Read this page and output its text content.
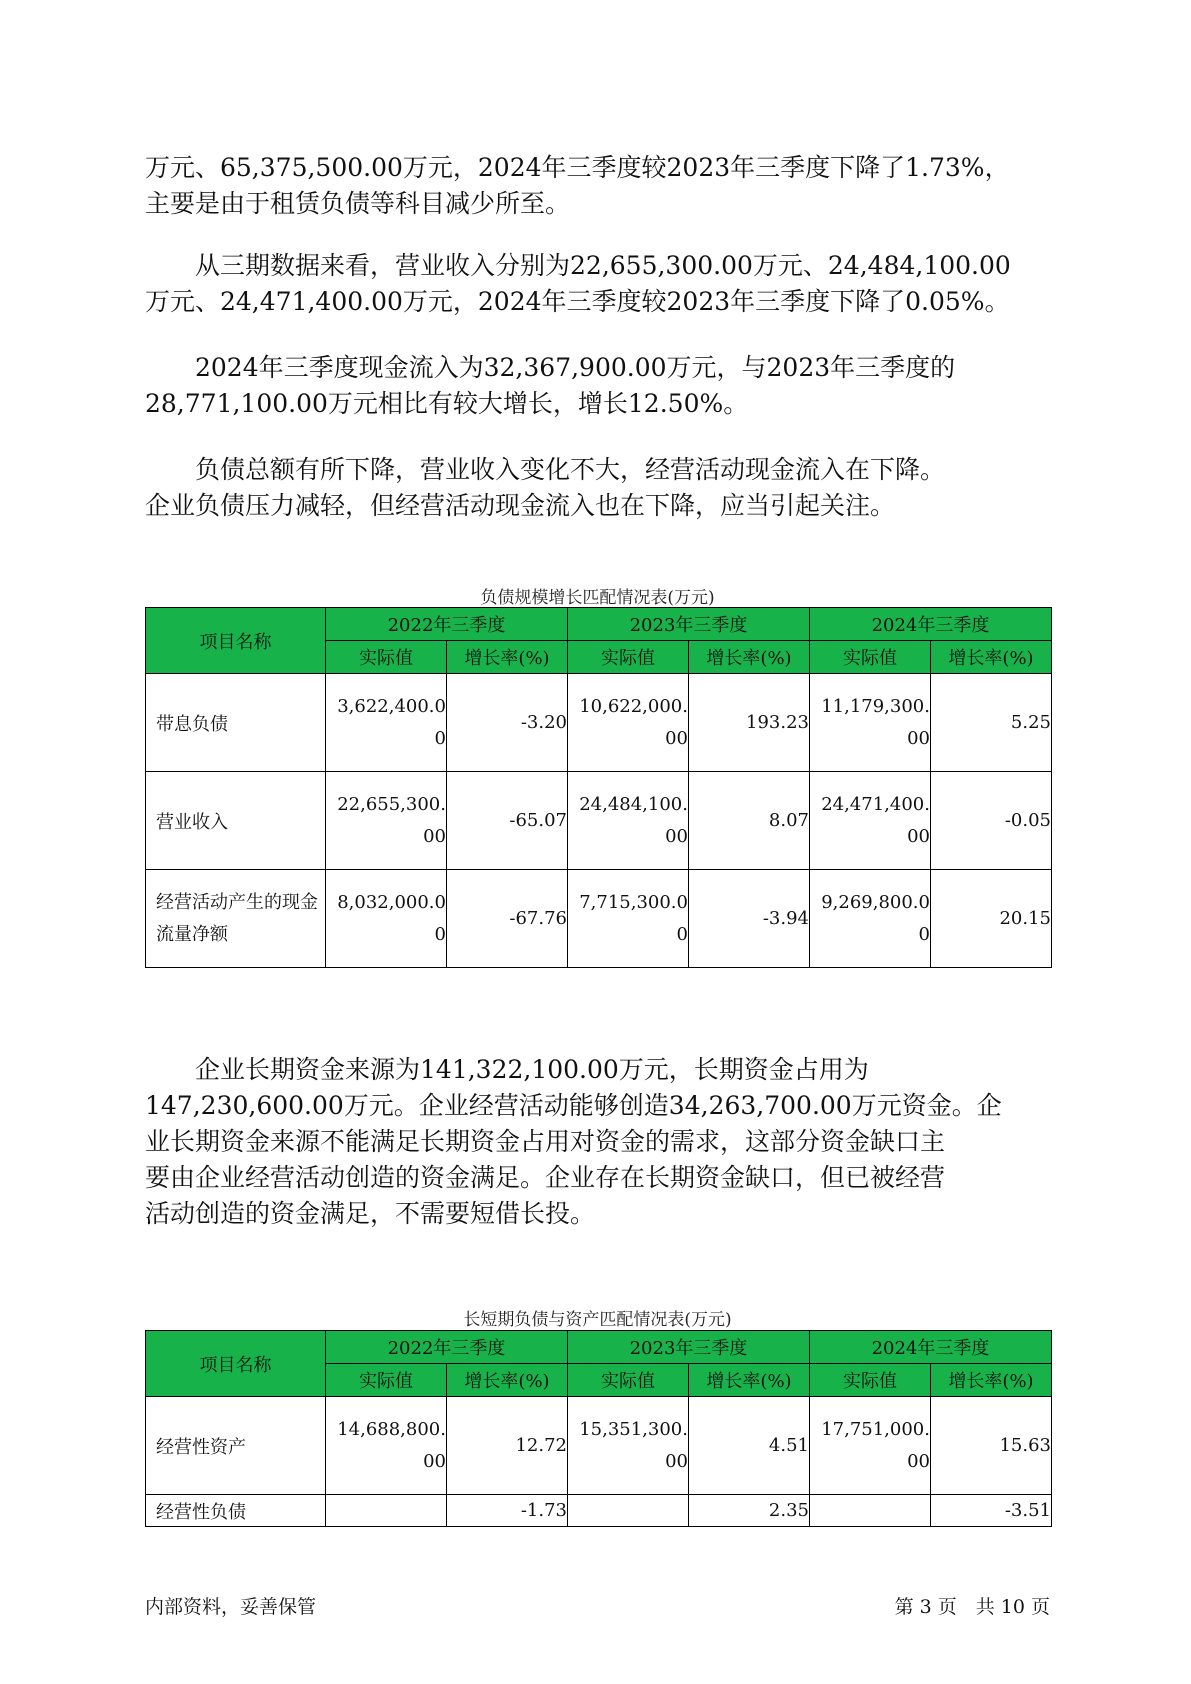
万元、65,375,500.00万元，2024年三季度较2023年三季度下降了1.73%，
主要是由于租赁负债等科目减少所至。
　　从三期数据来看，营业收入分别为22,655,300.00万元、24,484,100.00
万元、24,471,400.00万元，2024年三季度较2023年三季度下降了0.05%。
　　2024年三季度现金流入为32,367,900.00万元，与2023年三季度的
28,771,100.00万元相比有较大增长，增长12.50%。
　　负债总额有所下降，营业收入变化不大，经营活动现金流入在下降。
企业负债压力减轻，但经营活动现金流入也在下降，应当引起关注。
负债规模增长匹配情况表(万元)
项目名称	2022年三季度		2023年三季度		2024年三季度	
	实际值	增长率(%)	实际值	增长率(%)	实际值	增长率(%)
带息负债	3,622,400.00	-3.20	10,622,000.00	193.23	11,179,300.00	5.25
营业收入	22,655,300.00	-65.07	24,484,100.00	8.07	24,471,400.00	-0.05
经营活动产生的现金流量净额	8,032,000.00	-67.76	7,715,300.00	-3.94	9,269,800.00	20.15
　　企业长期资金来源为141,322,100.00万元，长期资金占用为
147,230,600.00万元。企业经营活动能够创造34,263,700.00万元资金。企
业长期资金来源不能满足长期资金占用对资金的需求，这部分资金缺口主
要由企业经营活动创造的资金满足。企业存在长期资金缺口，但已被经营
活动创造的资金满足，不需要短借长投。
长短期负债与资产匹配情况表(万元)
项目名称	2022年三季度		2023年三季度		2024年三季度	
	实际值	增长率(%)	实际值	增长率(%)	实际值	增长率(%)
经营性资产	14,688,800.00	12.72	15,351,300.00	4.51	17,751,000.00	15.63
经营性负债		-1.73		2.35		-3.51
内部资料，妥善保管	第 3 页　共 10 页
